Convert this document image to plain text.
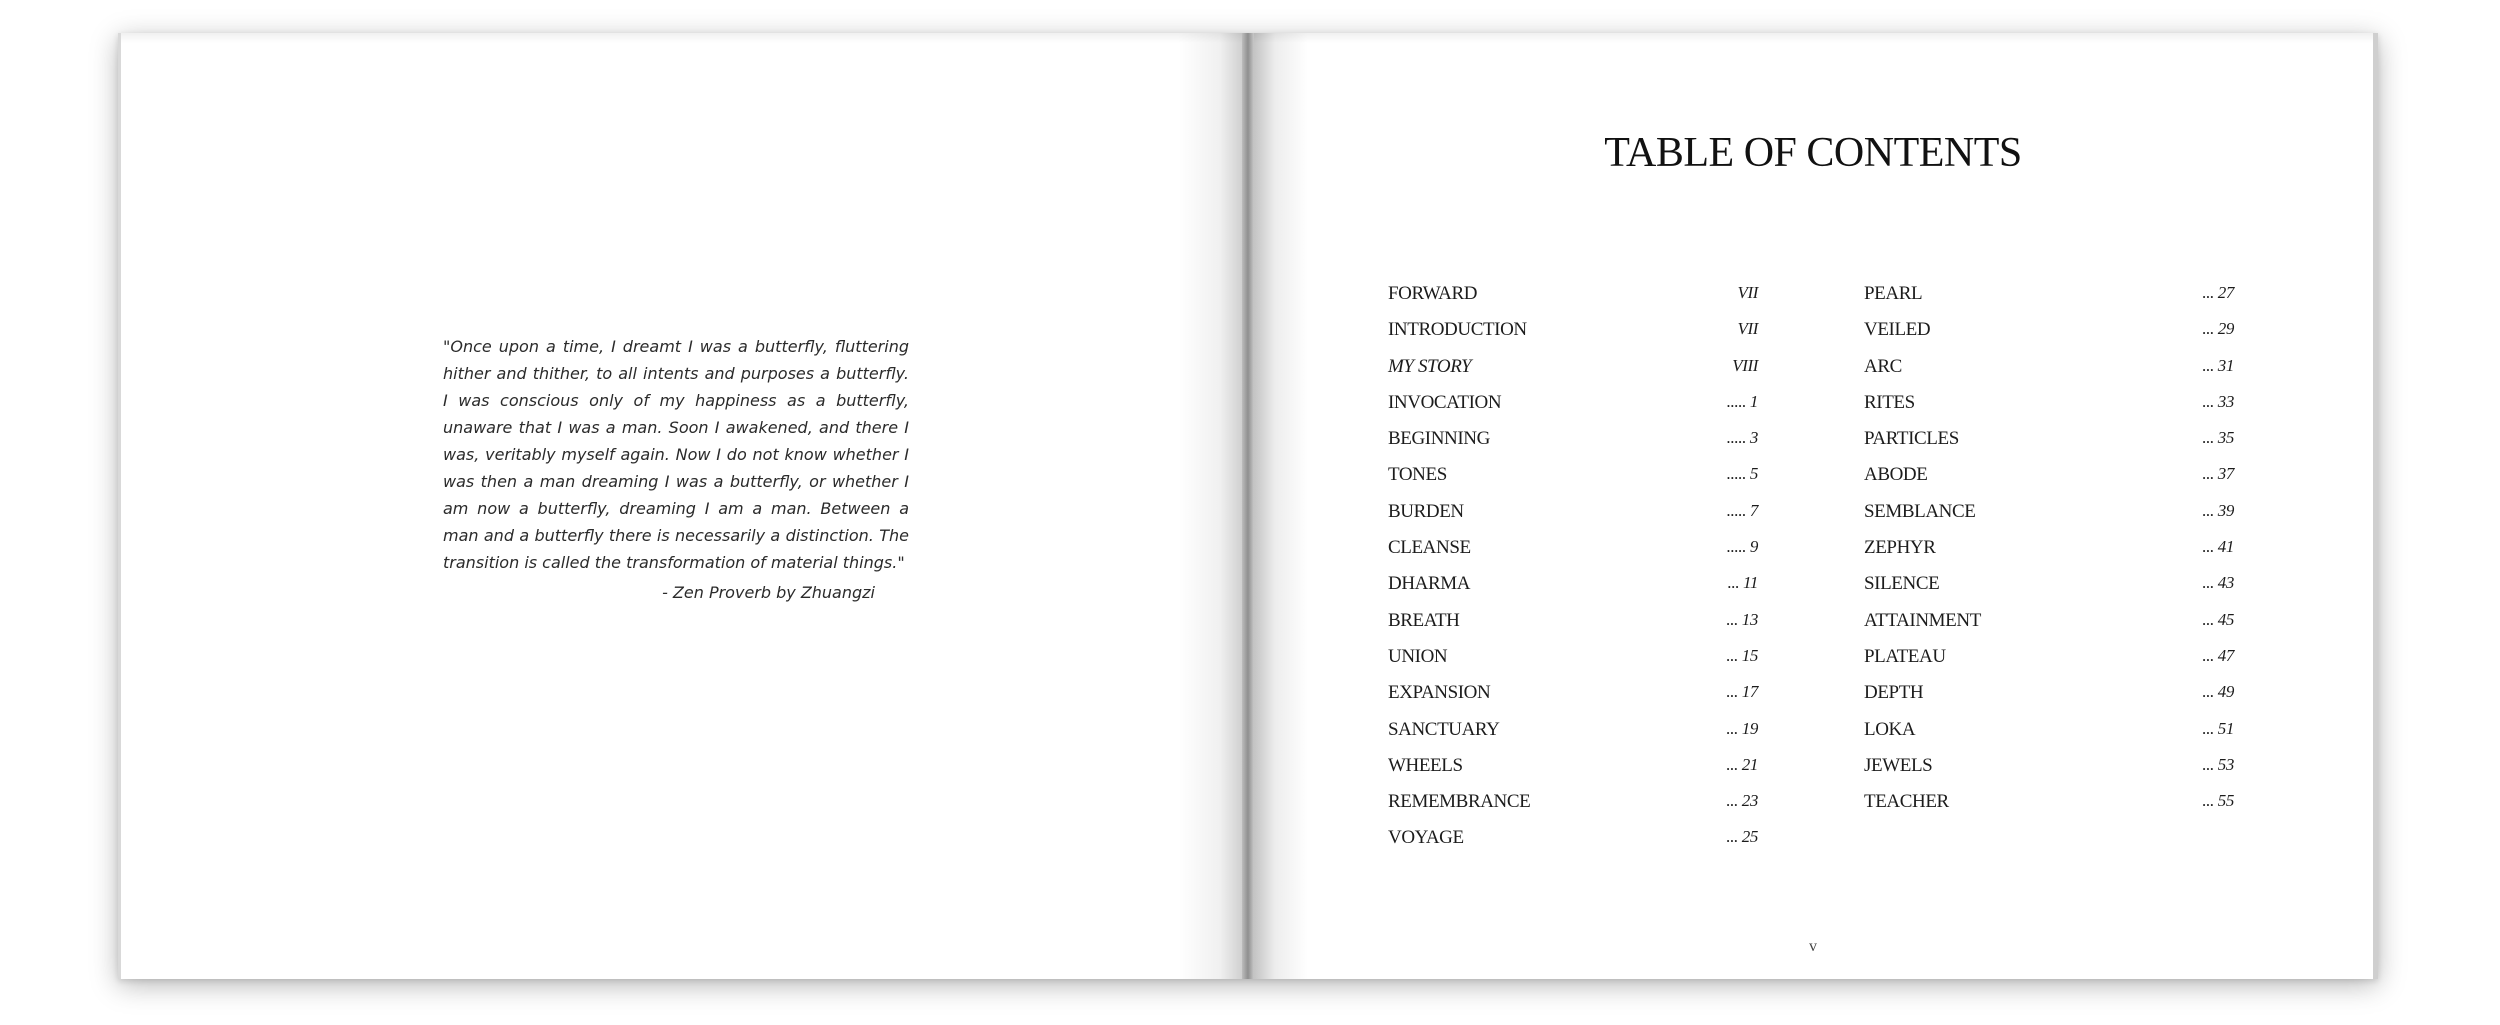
"Once upon a time, I dreamt I was a butterfly, fluttering hither and thither, to all intents and purposes a butterfly. I was conscious only of my happiness as a butterfly, unaware that I was a man. Soon I awakened, and there I was, veritably myself again. Now I do not know whether I was then a man dreaming I was a butterfly, or whether I am now a butterfly, dreaming I am a man. Between a man and a butterfly there is necessarily a distinction. The transition is called the transformation of material things."

- Zen Proverb by Zhuangzi
TABLE OF CONTENTS
FORWARD	VII
INTRODUCTION	VII
MY STORY	VIII
INVOCATION	..... 1
BEGINNING	..... 3
TONES	..... 5
BURDEN	..... 7
CLEANSE	..... 9
DHARMA	... 11
BREATH	... 13
UNION	... 15
EXPANSION	... 17
SANCTUARY	... 19
WHEELS	... 21
REMEMBRANCE	... 23
VOYAGE	... 25
PEARL	... 27
VEILED	... 29
ARC	... 31
RITES	... 33
PARTICLES	... 35
ABODE	... 37
SEMBLANCE	... 39
ZEPHYR	... 41
SILENCE	... 43
ATTAINMENT	... 45
PLATEAU	... 47
DEPTH	... 49
LOKA	... 51
JEWELS	... 53
TEACHER	... 55
v
